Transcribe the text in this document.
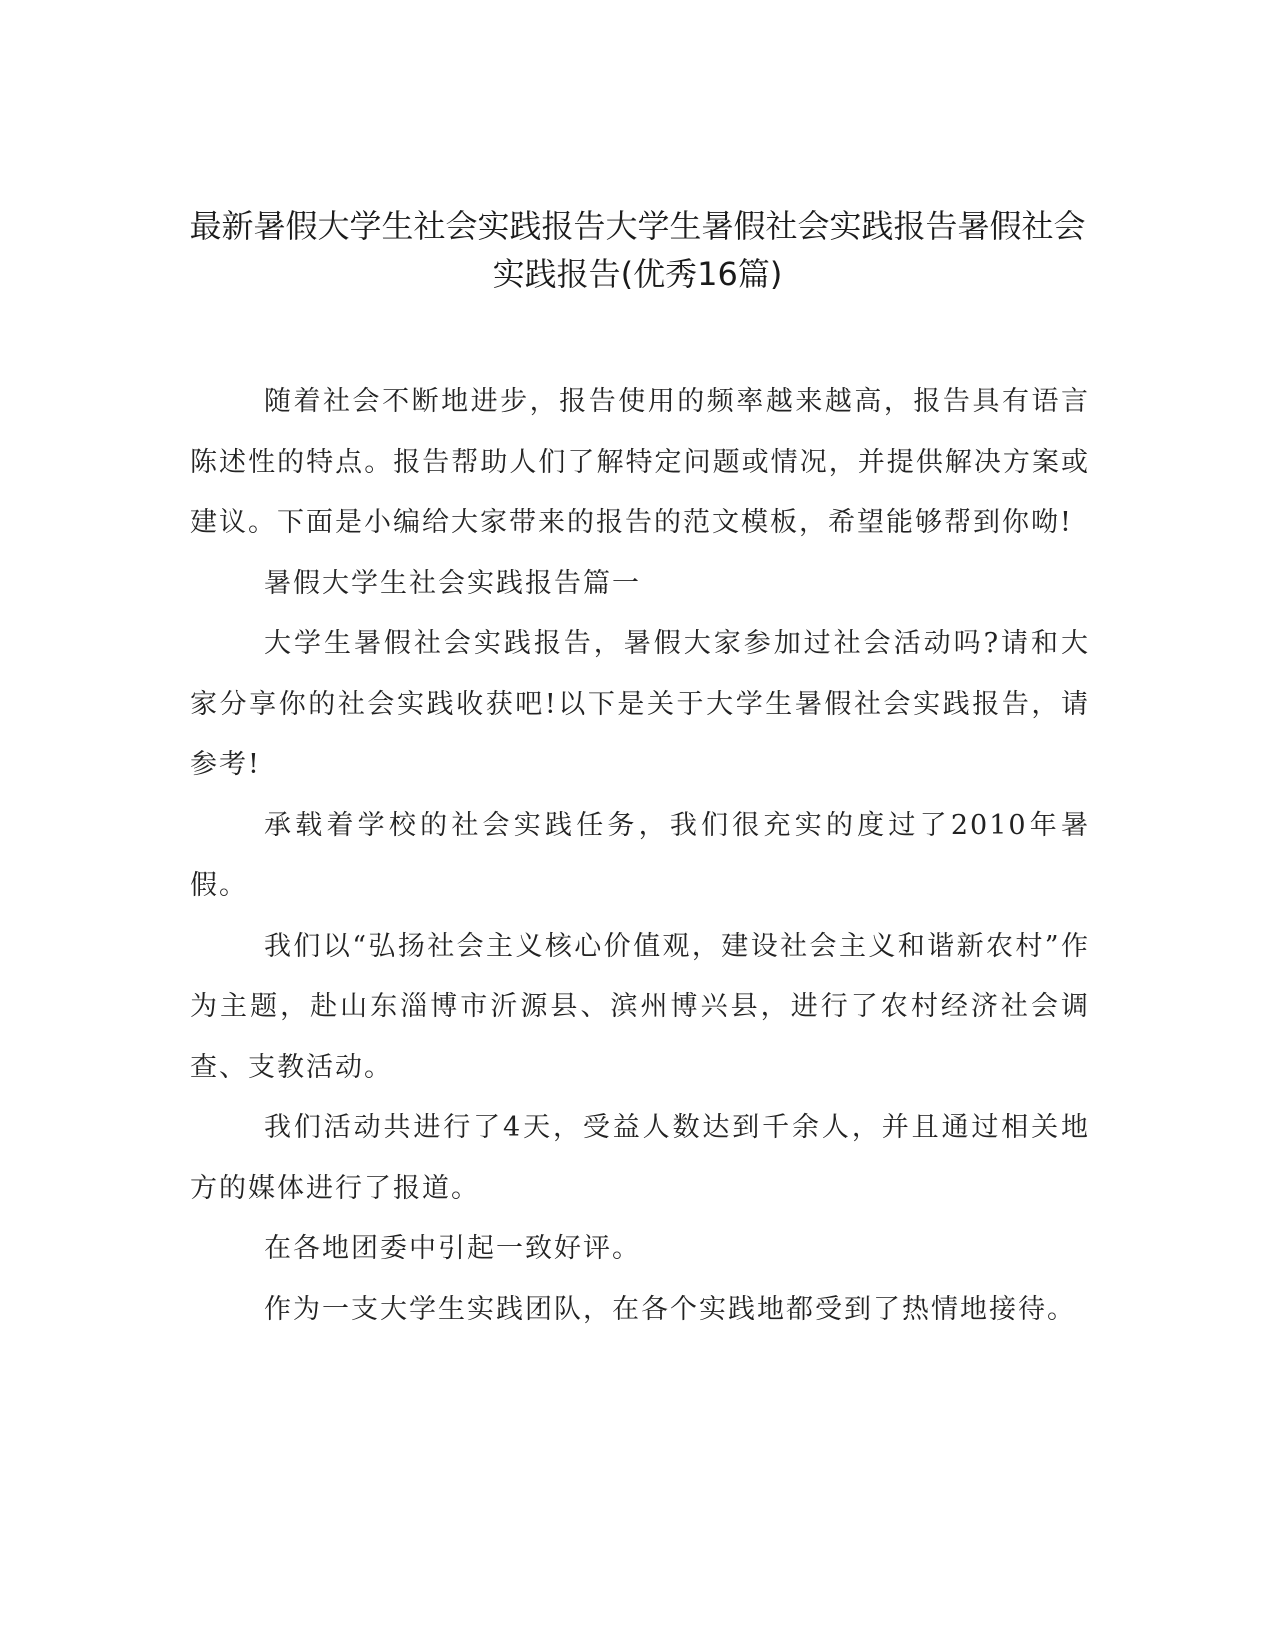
最新暑假大学生社会实践报告大学生暑假社会实践报告暑假社会实践报告(优秀16篇)

随着社会不断地进步，报告使用的频率越来越高，报告具有语言陈述性的特点。报告帮助人们了解特定问题或情况，并提供解决方案或建议。下面是小编给大家带来的报告的范文模板，希望能够帮到你呦!

暑假大学生社会实践报告篇一

大学生暑假社会实践报告，暑假大家参加过社会活动吗?请和大家分享你的社会实践收获吧!以下是关于大学生暑假社会实践报告，请参考!

承载着学校的社会实践任务，我们很充实的度过了2010年暑假。

我们以“弘扬社会主义核心价值观，建设社会主义和谐新农村”作为主题，赴山东淄博市沂源县、滨州博兴县，进行了农村经济社会调查、支教活动。

我们活动共进行了4天，受益人数达到千余人，并且通过相关地方的媒体进行了报道。

在各地团委中引起一致好评。

作为一支大学生实践团队，在各个实践地都受到了热情地接待。
